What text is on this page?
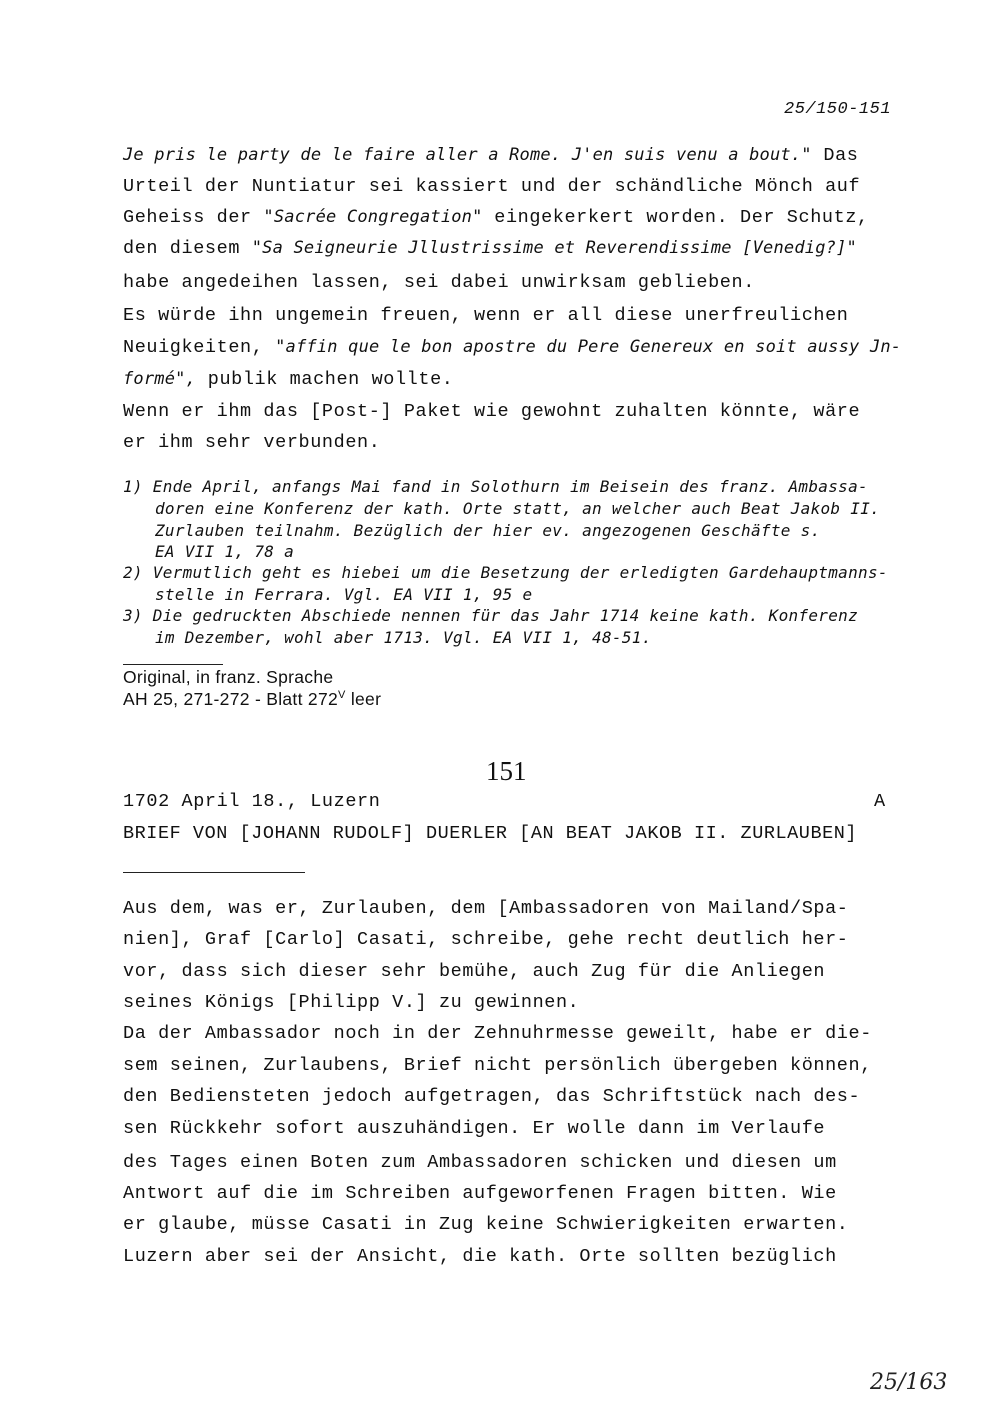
25/150-151
Je pris le party de le faire aller a Rome. J'en suis venu a bout." Das
Urteil der Nuntiatur sei kassiert und der schändliche Mönch auf
Geheiss der "Sacrée Congregation" eingekerkert worden. Der Schutz,
den diesem "Sa Seigneurie Jllustrissime et Reverendissime [Venedig?]"
habe angedeihen lassen, sei dabei unwirksam geblieben.
Es würde ihn ungemein freuen, wenn er all diese unerfreulichen
Neuigkeiten, "affin que le bon apostre du Pere Genereux en soit aussy Jn-
formé", publik machen wollte.
Wenn er ihm das [Post-] Paket wie gewohnt zuhalten könnte, wäre
er ihm sehr verbunden.
1) Ende April, anfangs Mai fand in Solothurn im Beisein des franz. Ambassa-
doren eine Konferenz der kath. Orte statt, an welcher auch Beat Jakob II.
Zurlauben teilnahm. Bezüglich der hier ev. angezogenen Geschäfte s.
EA VII 1, 78 a
2) Vermutlich geht es hiebei um die Besetzung der erledigten Gardehauptmanns-
stelle in Ferrara. Vgl. EA VII 1, 95 e
3) Die gedruckten Abschiede nennen für das Jahr 1714 keine kath. Konferenz
im Dezember, wohl aber 1713. Vgl. EA VII 1, 48-51.
Original, in franz. Sprache
AH 25, 271-272 - Blatt $272^V$ leer
151
1702 April 18., Luzern	A
BRIEF VON [JOHANN RUDOLF] DUERLER [AN BEAT JAKOB II. ZURLAUBEN]
Aus dem, was er, Zurlauben, dem [Ambassadoren von Mailand/Spa-
nien], Graf [Carlo] Casati, schreibe, gehe recht deutlich her-
vor, dass sich dieser sehr bemühe, auch Zug für die Anliegen
seines Königs [Philipp V.] zu gewinnen.
Da der Ambassador noch in der Zehnuhrmesse geweilt, habe er die-
sem seinen, Zurlaubens, Brief nicht persönlich übergeben können,
den Bediensteten jedoch aufgetragen, das Schriftstück nach des-
sen Rückkehr sofort auszuhändigen. Er wolle dann im Verlaufe
des Tages einen Boten zum Ambassadoren schicken und diesen um
Antwort auf die im Schreiben aufgeworfenen Fragen bitten. Wie
er glaube, müsse Casati in Zug keine Schwierigkeiten erwarten.
Luzern aber sei der Ansicht, die kath. Orte sollten bezüglich
25/163
